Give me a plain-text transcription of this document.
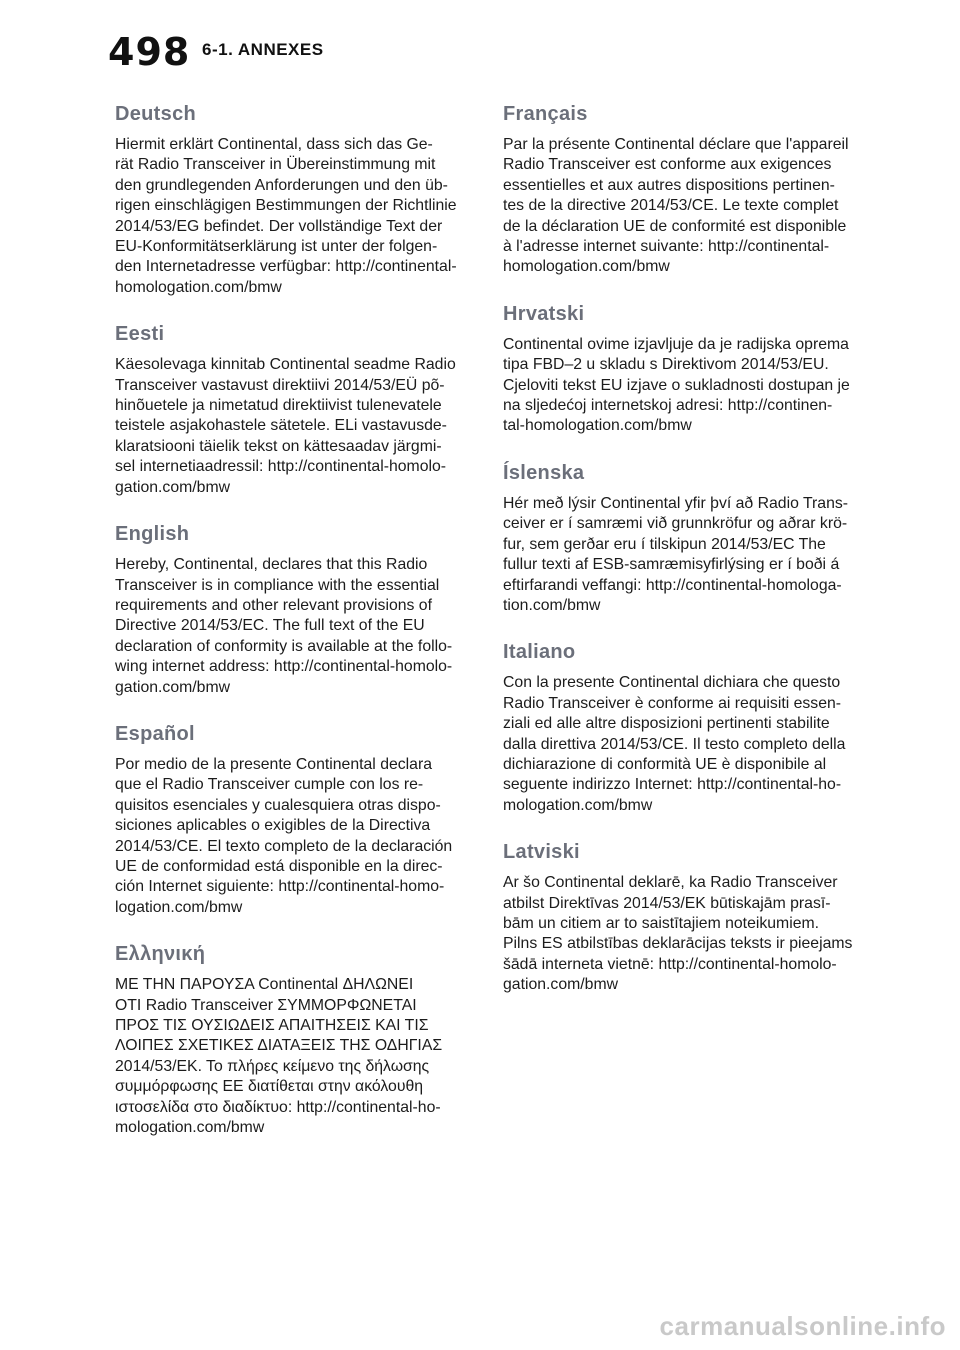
498 6-1. ANNEXES
Deutsch
Hiermit erklärt Continental, dass sich das Ge-
rät Radio Transceiver in Übereinstimmung mit
den grundlegenden Anforderungen und den üb-
rigen einschlägigen Bestimmungen der Richtlinie
2014/53/EG befindet. Der vollständige Text der
EU-Konformitätserklärung ist unter der folgen-
den Internetadresse verfügbar: http://continental-
homologation.com/bmw
Eesti
Käesolevaga kinnitab Continental seadme Radio
Transceiver vastavust direktiivi 2014/53/EÜ põ-
hinõuetele ja nimetatud direktiivist tulenevatele
teistele asjakohastele sätetele. ELi vastavusde-
klaratsiooni täielik tekst on kättesaadav järgmi-
sel internetiaadressil: http://continental-homolo-
gation.com/bmw
English
Hereby, Continental, declares that this Radio
Transceiver is in compliance with the essential
requirements and other relevant provisions of
Directive 2014/53/EC. The full text of the EU
declaration of conformity is available at the follo-
wing internet address: http://continental-homolo-
gation.com/bmw
Español
Por medio de la presente Continental declara
que el Radio Transceiver cumple con los re-
quisitos esenciales y cualesquiera otras dispo-
siciones aplicables o exigibles de la Directiva
2014/53/CE. El texto completo de la declaración
UE de conformidad está disponible en la direc-
ción Internet siguiente: http://continental-homo-
logation.com/bmw
Ελληνική
ΜΕ ΤΗΝ ΠΑΡΟΥΣΑ Continental ΔΗΛΩΝΕΙ
ΟΤΙ Radio Transceiver ΣΥΜΜΟΡΦΩΝΕΤΑΙ
ΠΡΟΣ ΤΙΣ ΟΥΣΙΩΔΕΙΣ ΑΠΑΙΤΗΣΕΙΣ ΚΑΙ ΤΙΣ
ΛΟΙΠΕΣ ΣΧΕΤΙΚΕΣ ΔΙΑΤΑΞΕΙΣ ΤΗΣ ΟΔΗΓΙΑΣ
2014/53/ΕΚ. Το πλήρες κείμενο της δήλωσης
συμμόρφωσης ΕΕ διατίθεται στην ακόλουθη
ιστοσελίδα στο διαδίκτυο: http://continental-ho-
mologation.com/bmw
Français
Par la présente Continental déclare que l'appareil
Radio Transceiver est conforme aux exigences
essentielles et aux autres dispositions pertinen-
tes de la directive 2014/53/CE. Le texte complet
de la déclaration UE de conformité est disponible
à l'adresse internet suivante: http://continental-
homologation.com/bmw
Hrvatski
Continental ovime izjavljuje da je radijska oprema
tipa FBD–2 u skladu s Direktivom 2014/53/EU.
Cjeloviti tekst EU izjave o sukladnosti dostupan je
na sljedećoj internetskoj adresi: http://continen-
tal-homologation.com/bmw
Íslenska
Hér með lýsir Continental yfir því að Radio Trans-
ceiver er í samræmi við grunnkröfur og aðrar krö-
fur, sem gerðar eru í tilskipun 2014/53/EC The
fullur texti af ESB-samræmisyfirlýsing er í boði á
eftirfarandi veffangi: http://continental-homologa-
tion.com/bmw
Italiano
Con la presente Continental dichiara che questo
Radio Transceiver è conforme ai requisiti essen-
ziali ed alle altre disposizioni pertinenti stabilite
dalla direttiva 2014/53/CE. Il testo completo della
dichiarazione di conformità UE è disponibile al
seguente indirizzo Internet: http://continental-ho-
mologation.com/bmw
Latviski
Ar šo Continental deklarē, ka Radio Transceiver
atbilst Direktīvas 2014/53/EK būtiskajām prasī-
bām un citiem ar to saistītajiem noteikumiem.
Pilns ES atbilstības deklarācijas teksts ir pieejams
šādā interneta vietnē: http://continental-homolo-
gation.com/bmw
carmanualsonline.info
